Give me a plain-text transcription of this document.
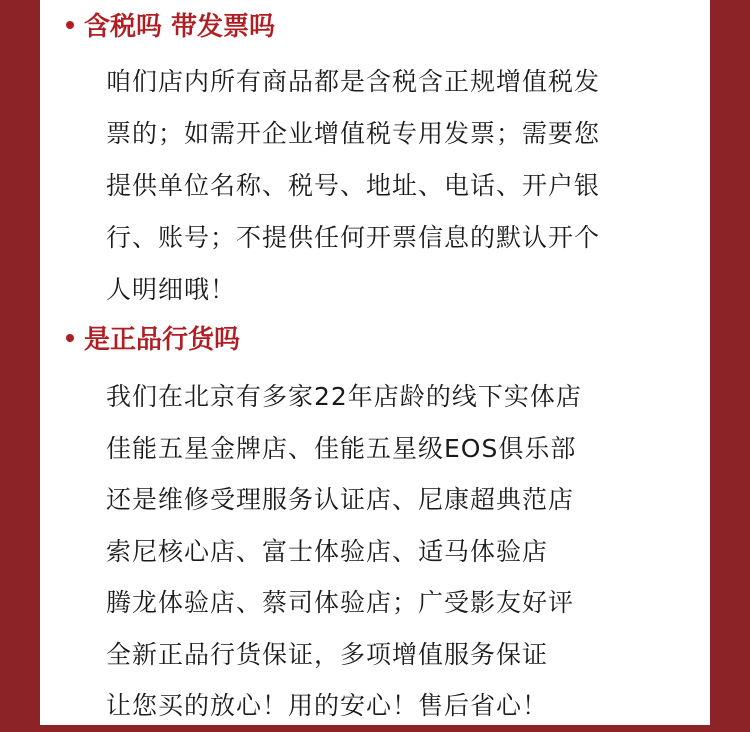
含税吗 带发票吗
咱们店内所有商品都是含税含正规增值税发
票的；如需开企业增值税专用发票；需要您
提供单位名称、税号、地址、电话、开户银
行、账号；不提供任何开票信息的默认开个
人明细哦！
是正品行货吗
我们在北京有多家22年店龄的线下实体店
佳能五星金牌店、佳能五星级EOS俱乐部
还是维修受理服务认证店、尼康超典范店
索尼核心店、富士体验店、适马体验店
腾龙体验店、蔡司体验店；广受影友好评
全新正品行货保证，多项增值服务保证
让您买的放心！用的安心！售后省心！
